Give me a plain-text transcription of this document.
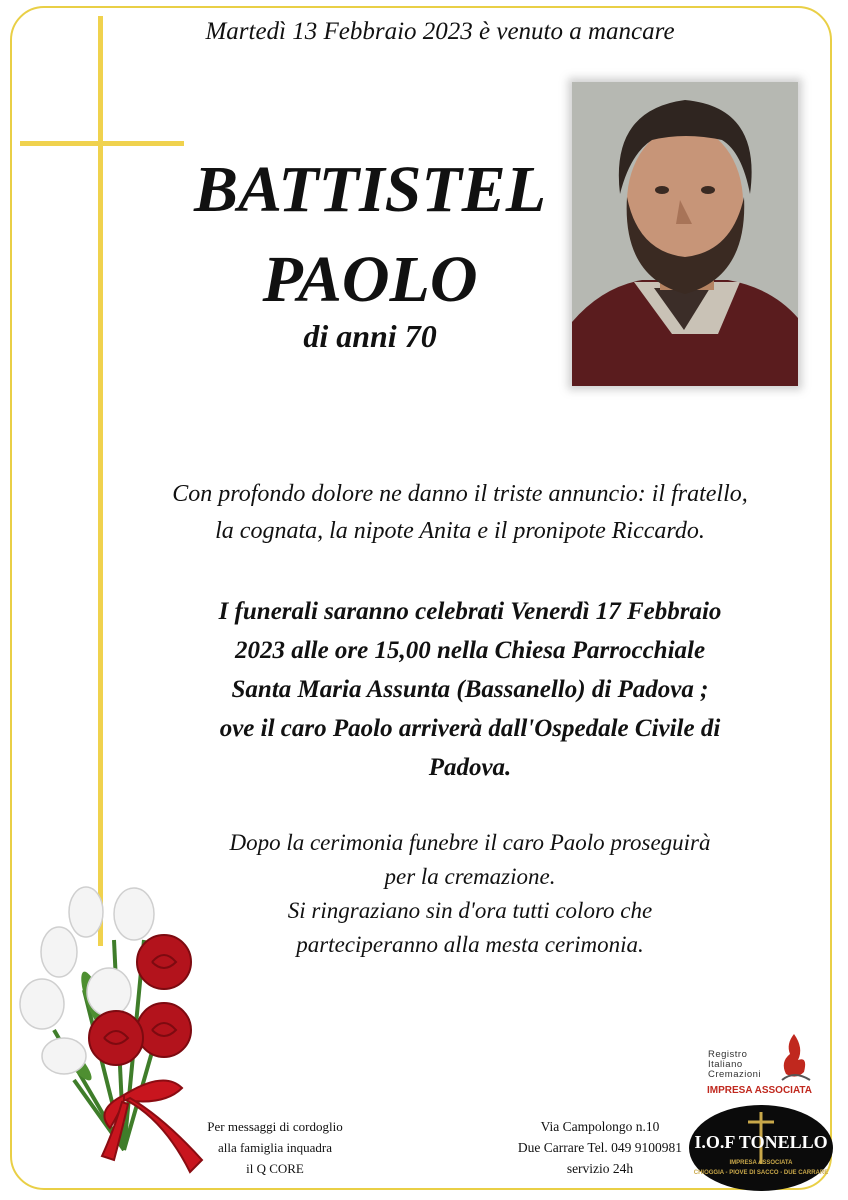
Martedì 13 Febbraio 2023 è venuto a mancare
BATTISTEL
PAOLO
di anni 70
Con profondo dolore ne danno il triste annuncio: il fratello,
la cognata, la nipote Anita e il pronipote Riccardo.
I funerali saranno celebrati Venerdì 17 Febbraio
2023 alle ore 15,00 nella Chiesa Parrocchiale
Santa Maria Assunta (Bassanello) di Padova ;
ove il caro Paolo arriverà dall'Ospedale Civile di
Padova.
Dopo la cerimonia funebre il caro Paolo proseguirà
per la cremazione.
Si ringraziano sin d'ora tutti coloro che
parteciperanno alla mesta cerimonia.
Per messaggi di cordoglio
alla famiglia inquadra
il Q CORE
Via Campolongo n.10
Due Carrare Tel. 049 9100981
servizio 24h
Registro
Italiano
Cremazioni
IMPRESA ASSOCIATA
I.O.F TONELLO
IMPRESA ASSOCIATA
CHIOGGIA - PIOVE DI SACCO - DUE CARRARE
